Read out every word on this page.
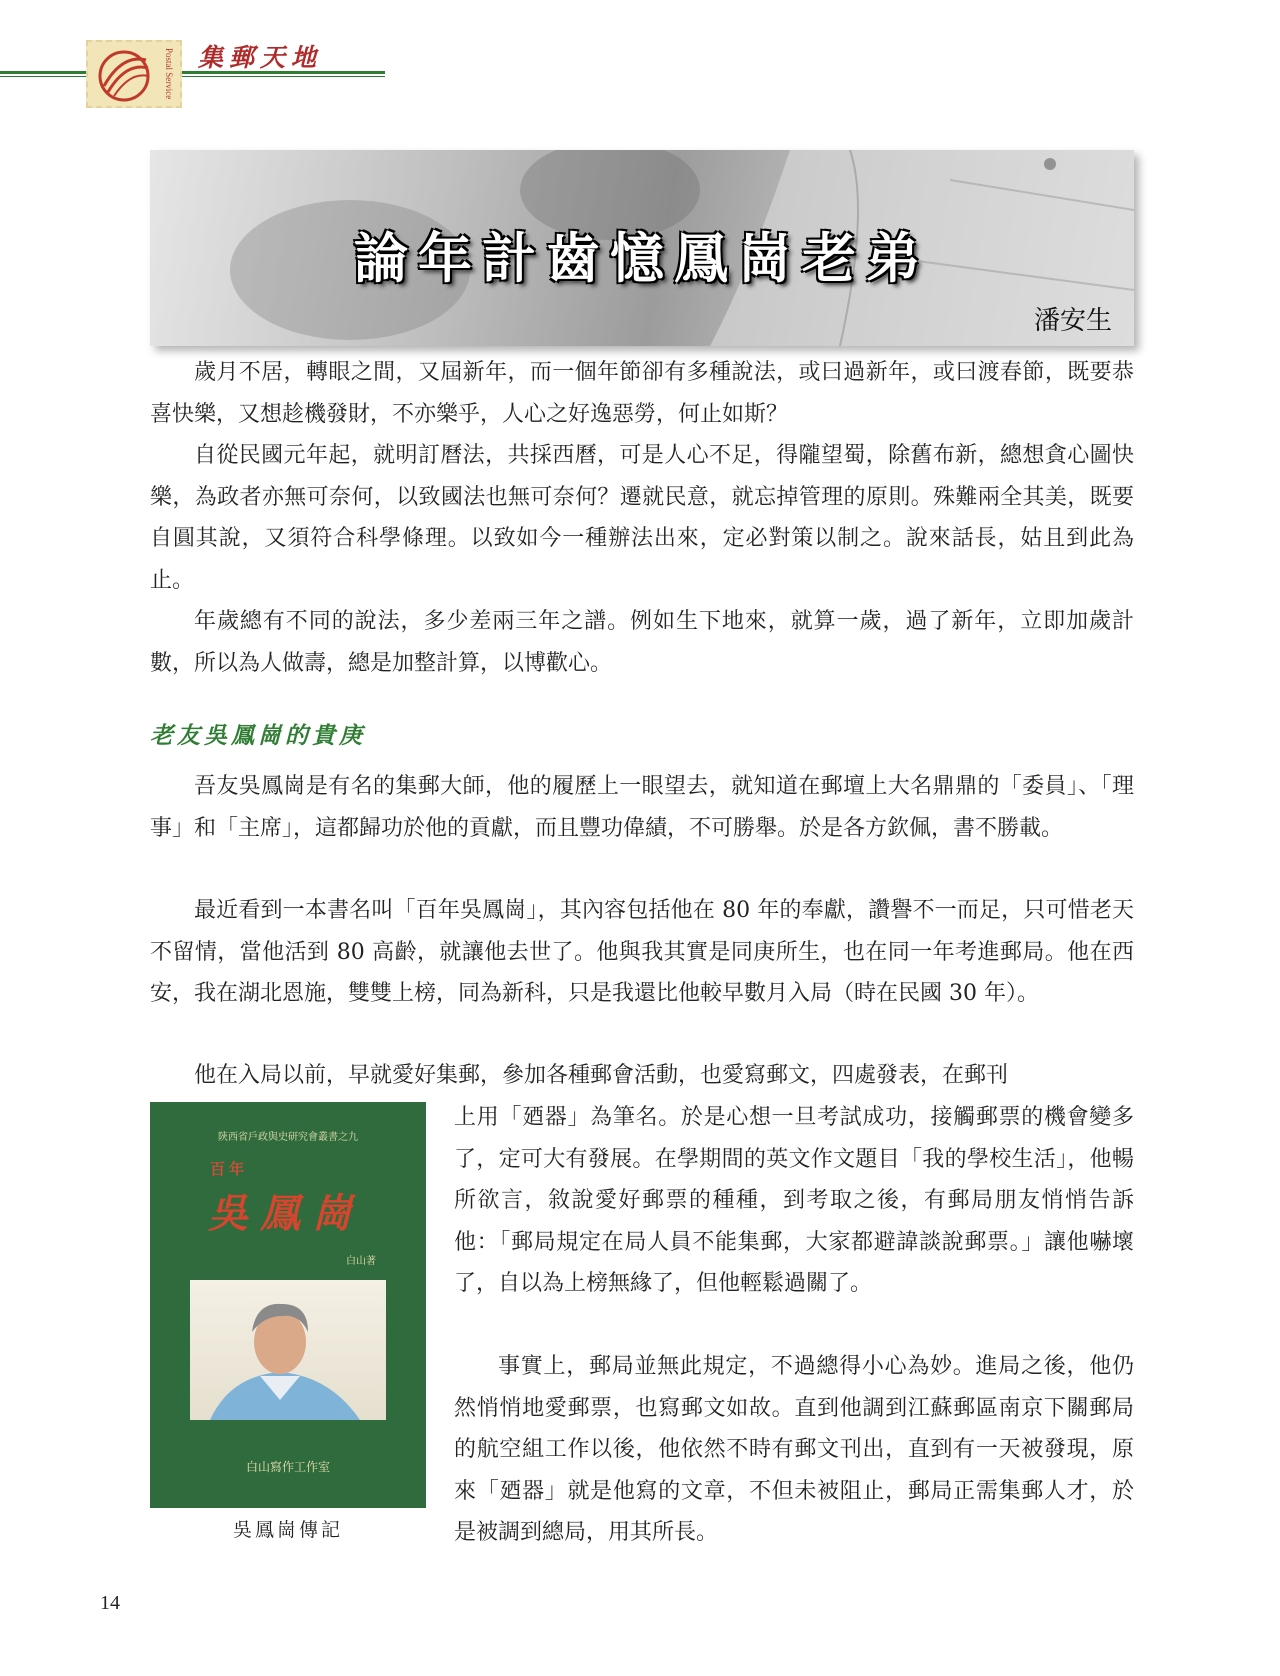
Postal Service 集郵天地
論年計齒憶鳳崗老弟
潘安生

歲月不居，轉眼之間，又屆新年，而一個年節卻有多種說法，或曰過新年，或曰渡春節，既要恭喜快樂，又想趁機發財，不亦樂乎，人心之好逸惡勞，何止如斯？

自從民國元年起，就明訂曆法，共採西曆，可是人心不足，得隴望蜀，除舊布新，總想貪心圖快樂，為政者亦無可奈何，以致國法也無可奈何？遷就民意，就忘掉管理的原則。殊難兩全其美，既要自圓其說，又須符合科學條理。以致如今一種辦法出來，定必對策以制之。說來話長，姑且到此為止。

年歲總有不同的說法，多少差兩三年之譜。例如生下地來，就算一歲，過了新年，立即加歲計數，所以為人做壽，總是加整計算，以博歡心。

老友吳鳳崗的貴庚

吾友吳鳳崗是有名的集郵大師，他的履歷上一眼望去，就知道在郵壇上大名鼎鼎的「委員」、「理事」和「主席」，這都歸功於他的貢獻，而且豐功偉績，不可勝舉。於是各方欽佩，書不勝載。

最近看到一本書名叫「百年吳鳳崗」，其內容包括他在 80 年的奉獻，讚譽不一而足，只可惜老天不留情，當他活到 80 高齡，就讓他去世了。他與我其實是同庚所生，也在同一年考進郵局。他在西安，我在湖北恩施，雙雙上榜，同為新科，只是我還比他較早數月入局（時在民國 30 年）。

他在入局以前，早就愛好集郵，參加各種郵會活動，也愛寫郵文，四處發表，在郵刊

上用「廼器」為筆名。於是心想一旦考試成功，接觸郵票的機會變多了，定可大有發展。在學期間的英文作文題目「我的學校生活」，他暢所欲言，敘說愛好郵票的種種，到考取之後，有郵局朋友悄悄告訴他：「郵局規定在局人員不能集郵，大家都避諱談說郵票。」讓他嚇壞了，自以為上榜無緣了，但他輕鬆過關了。

事實上，郵局並無此規定，不過總得小心為妙。進局之後，他仍然悄悄地愛郵票，也寫郵文如故。直到他調到江蘇郵區南京下關郵局的航空組工作以後，他依然不時有郵文刊出，直到有一天被發現，原來「廼器」就是他寫的文章，不但未被阻止，郵局正需集郵人才，於是被調到總局，用其所長。

陝西省戶政與史研究會叢書之九
百年
吳鳳崗
白山著
白山寫作工作室
吳鳳崗傳記
14
